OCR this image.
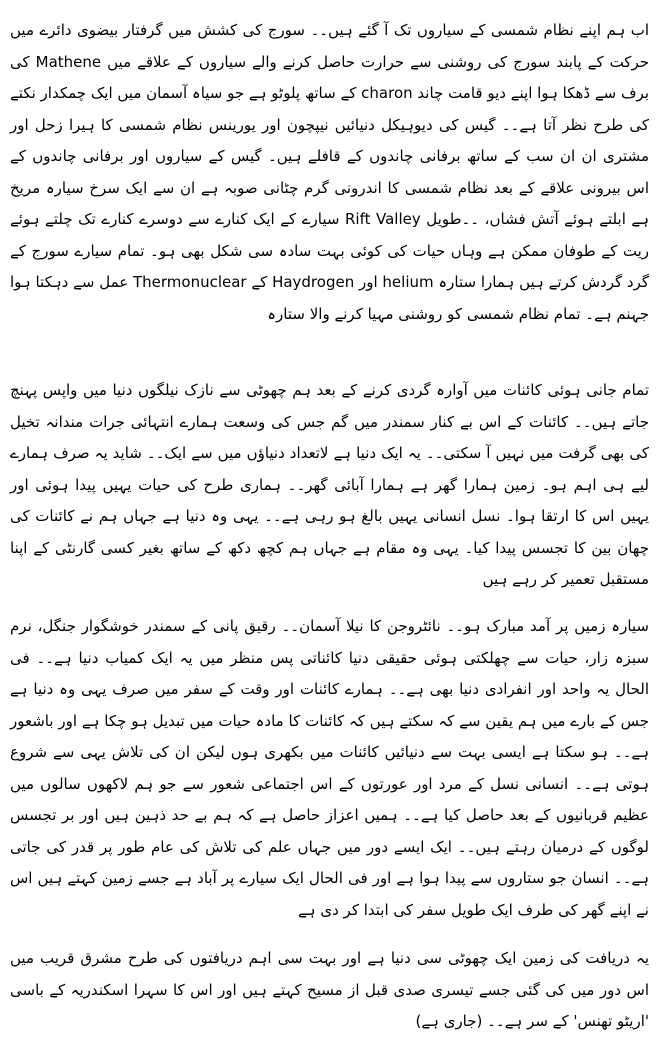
اب ہم اپنے نظام شمسی کے سیاروں تک آ گئے ہیں۔۔ سورج کی کشش میں گرفتار بیضوی دائرے میں حرکت کے پابند سورج کی روشنی سے حرارت حاصل کرنے والے سیاروں کے علاقے میں Mathene کی برف سے ڈھکا ہوا اپنے دیو قامت چاند charon کے ساتھ پلوٹو ہے جو سیاہ آسمان میں ایک چمکدار نکتے کی طرح نظر آتا ہے۔۔ گیس کی دیوہیکل دنیائیں نیپچون اور یورینس نظام شمسی کا ہیرا زحل اور مشتری ان ان سب کے ساتھ برفانی چاندوں کے قافلے ہیں۔ گیس کے سیاروں اور برفانی چاندوں کے اس بیرونی علاقے کے بعد نظام شمسی کا اندرونی گرم چٹانی صوبہ ہے ان سے ایک سرخ سیارہ مریخ ہے ابلتے ہوئے آتش فشاں، ۔۔طویل Rift Valley سیارے کے ایک کنارے سے دوسرے کنارے تک چلتے ہوئے ریت کے طوفان ممکن ہے وہاں حیات کی کوئی بہت سادہ سی شکل بھی ہو۔ تمام سیارے سورج کے گرد گردش کرتے ہیں ہمارا ستارہ helium اور Haydrogen کے Thermonuclear عمل سے دہکتا ہوا جہنم ہے۔ تمام نظام شمسی کو روشنی مہیا کرنے والا ستارہ

تمام جانی ہوئی کائنات میں آوارہ گردی کرنے کے بعد ہم چھوٹی سے نازک نیلگوں دنیا میں واپس پہنچ جاتے ہیں۔۔ کائنات کے اس بے کنار سمندر میں گم جس کی وسعت ہمارے انتہائی جرات مندانہ تخیل کی بھی گرفت میں نہیں آ سکتی۔۔ یہ ایک دنیا ہے لاتعداد دنیاؤں میں سے ایک۔۔ شاید یہ صرف ہمارے لیے ہی اہم ہو۔ زمین ہمارا گھر ہے ہمارا آبائی گھر۔۔ ہماری طرح کی حیات یہیں پیدا ہوئی اور یہیں اس کا ارتقا ہوا۔ نسل انسانی یہیں بالغ ہو رہی ہے۔۔ یہی وہ دنیا ہے جہاں ہم نے کائنات کی چھان بین کا تجسس پیدا کیا۔ یہی وہ مقام ہے جہاں ہم کچھ دکھ کے ساتھ بغیر کسی گارنٹی کے اپنا مستقبل تعمیر کر رہے ہیں

سیارہ زمیں پر آمد مبارک ہو۔۔ نائٹروجن کا نیلا آسمان۔۔ رقیق پانی کے سمندر خوشگوار جنگل، نرم سبزہ زار، حیات سے چھلکتی ہوئی حقیقی دنیا کائناتی پس منظر میں یہ ایک کمیاب دنیا ہے۔۔ فی الحال یہ واحد اور انفرادی دنیا بھی ہے۔۔ ہمارے کائنات اور وقت کے سفر میں صرف یہی وہ دنیا ہے جس کے بارے میں ہم یقین سے کہ سکتے ہیں کہ کائنات کا مادہ حیات میں تبدیل ہو چکا ہے اور باشعور ہے۔۔ ہو سکتا ہے ایسی بہت سے دنیائیں کائنات میں بکھری ہوں لیکن ان کی تلاش یہی سے شروع ہوتی ہے۔۔ انسانی نسل کے مرد اور عورتوں کے اس اجتماعی شعور سے جو ہم لاکھوں سالوں میں عظیم قربانیوں کے بعد حاصل کیا ہے۔۔ ہمیں اعزاز حاصل ہے کہ ہم بے حد ذہین ہیں اور بر تجسس لوگوں کے درمیان رہتے ہیں۔۔ ایک ایسے دور میں جہاں علم کی تلاش کی عام طور پر قدر کی جاتی ہے۔۔ انسان جو ستاروں سے پیدا ہوا ہے اور فی الحال ایک سیارے پر آباد ہے جسے زمین کہتے ہیں اس نے اپنے گھر کی طرف ایک طویل سفر کی ابتدا کر دی ہے

یہ دریافت کی زمین ایک چھوٹی سی دنیا ہے اور بہت سی اہم دریافتوں کی طرح مشرق قریب میں اس دور میں کی گئی جسے تیسری صدی قبل از مسیح کہتے ہیں اور اس کا سہرا اسکندریہ کے باسی 'اریٹو تھنس' کے سر ہے۔۔ (جاری ہے)
